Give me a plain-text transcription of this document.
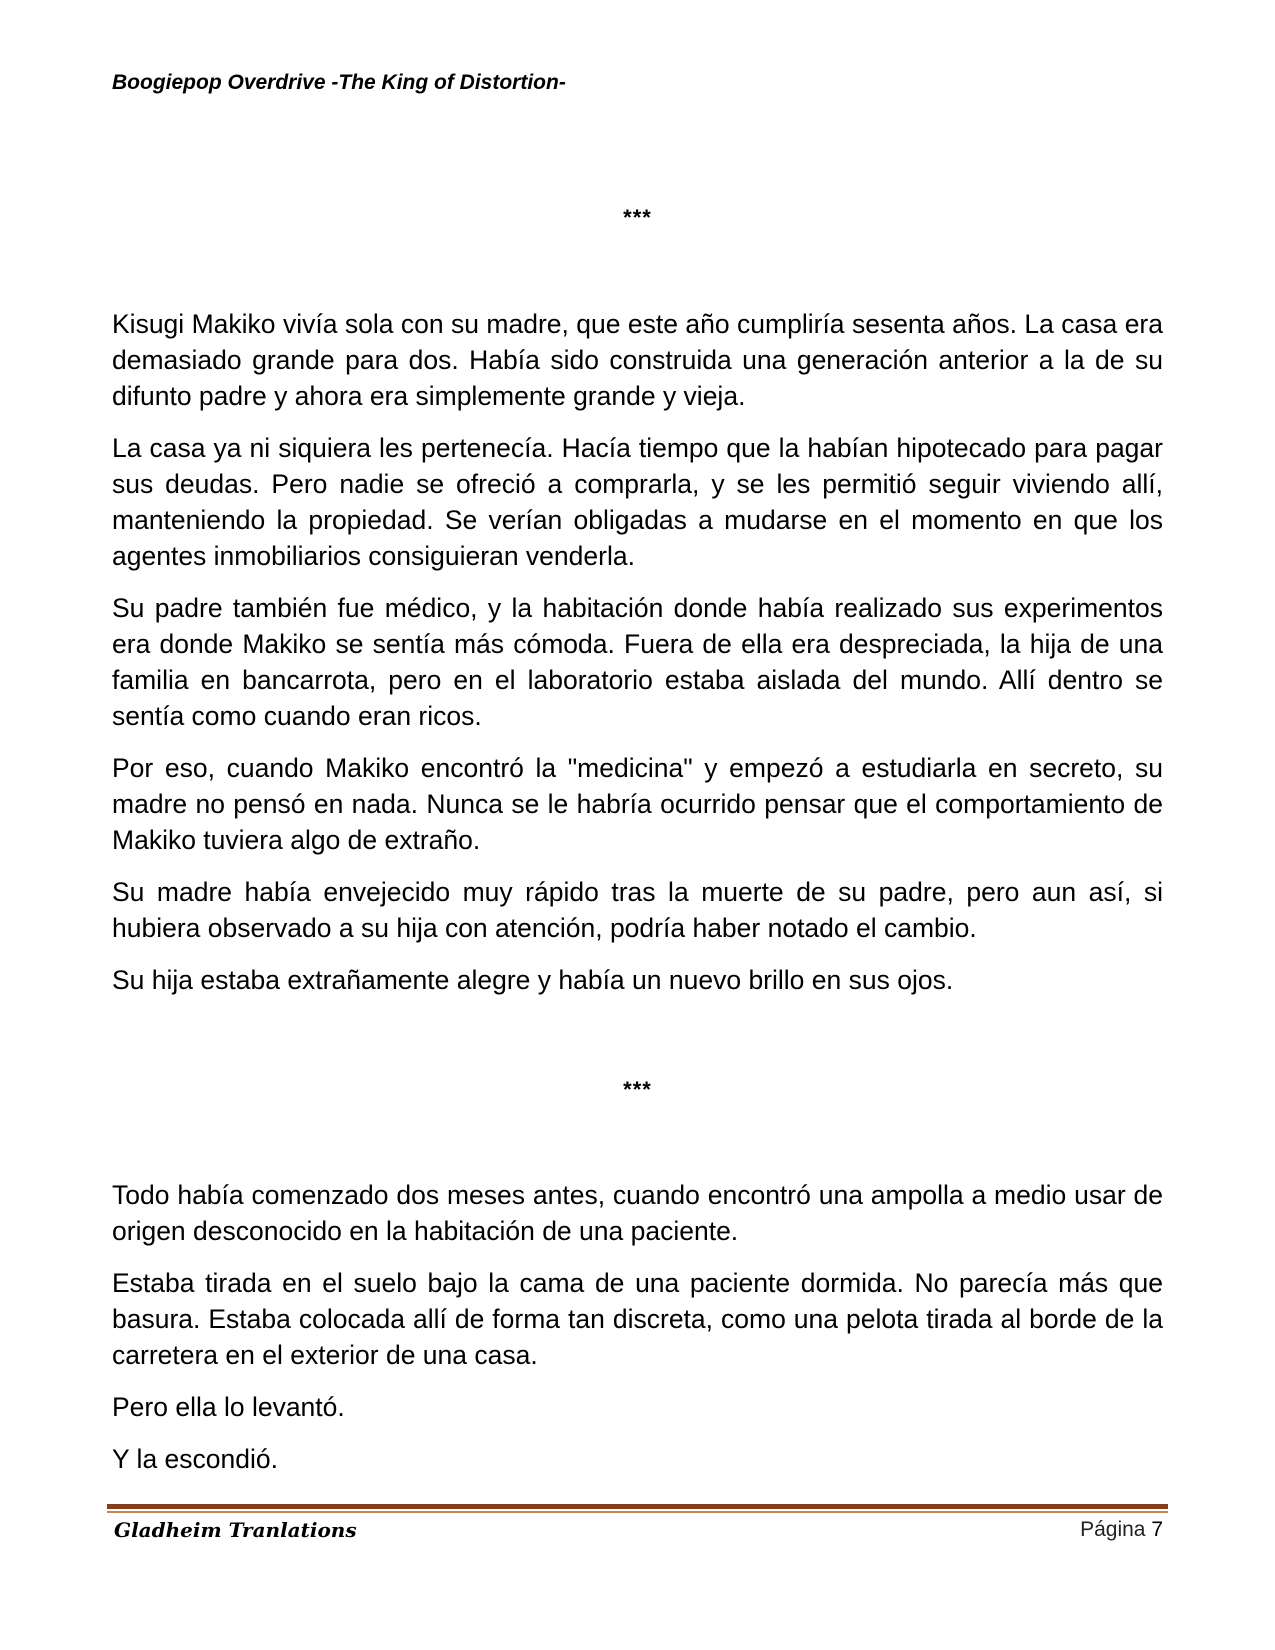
Boogiepop Overdrive -The King of Distortion-
***

Kisugi Makiko vivía sola con su madre, que este año cumpliría sesenta años. La casa era demasiado grande para dos. Había sido construida una generación anterior a la de su difunto padre y ahora era simplemente grande y vieja.

La casa ya ni siquiera les pertenecía. Hacía tiempo que la habían hipotecado para pagar sus deudas. Pero nadie se ofreció a comprarla, y se les permitió seguir viviendo allí, manteniendo la propiedad. Se verían obligadas a mudarse en el momento en que los agentes inmobiliarios consiguieran venderla.

Su padre también fue médico, y la habitación donde había realizado sus experimentos era donde Makiko se sentía más cómoda. Fuera de ella era despreciada, la hija de una familia en bancarrota, pero en el laboratorio estaba aislada del mundo. Allí dentro se sentía como cuando eran ricos.

Por eso, cuando Makiko encontró la "medicina" y empezó a estudiarla en secreto, su madre no pensó en nada. Nunca se le habría ocurrido pensar que el comportamiento de Makiko tuviera algo de extraño.

Su madre había envejecido muy rápido tras la muerte de su padre, pero aun así, si hubiera observado a su hija con atención, podría haber notado el cambio.

Su hija estaba extrañamente alegre y había un nuevo brillo en sus ojos.

***

Todo había comenzado dos meses antes, cuando encontró una ampolla a medio usar de origen desconocido en la habitación de una paciente.

Estaba tirada en el suelo bajo la cama de una paciente dormida. No parecía más que basura. Estaba colocada allí de forma tan discreta, como una pelota tirada al borde de la carretera en el exterior de una casa.

Pero ella lo levantó.

Y la escondió.

Gladheim Tranlations	Página 7
